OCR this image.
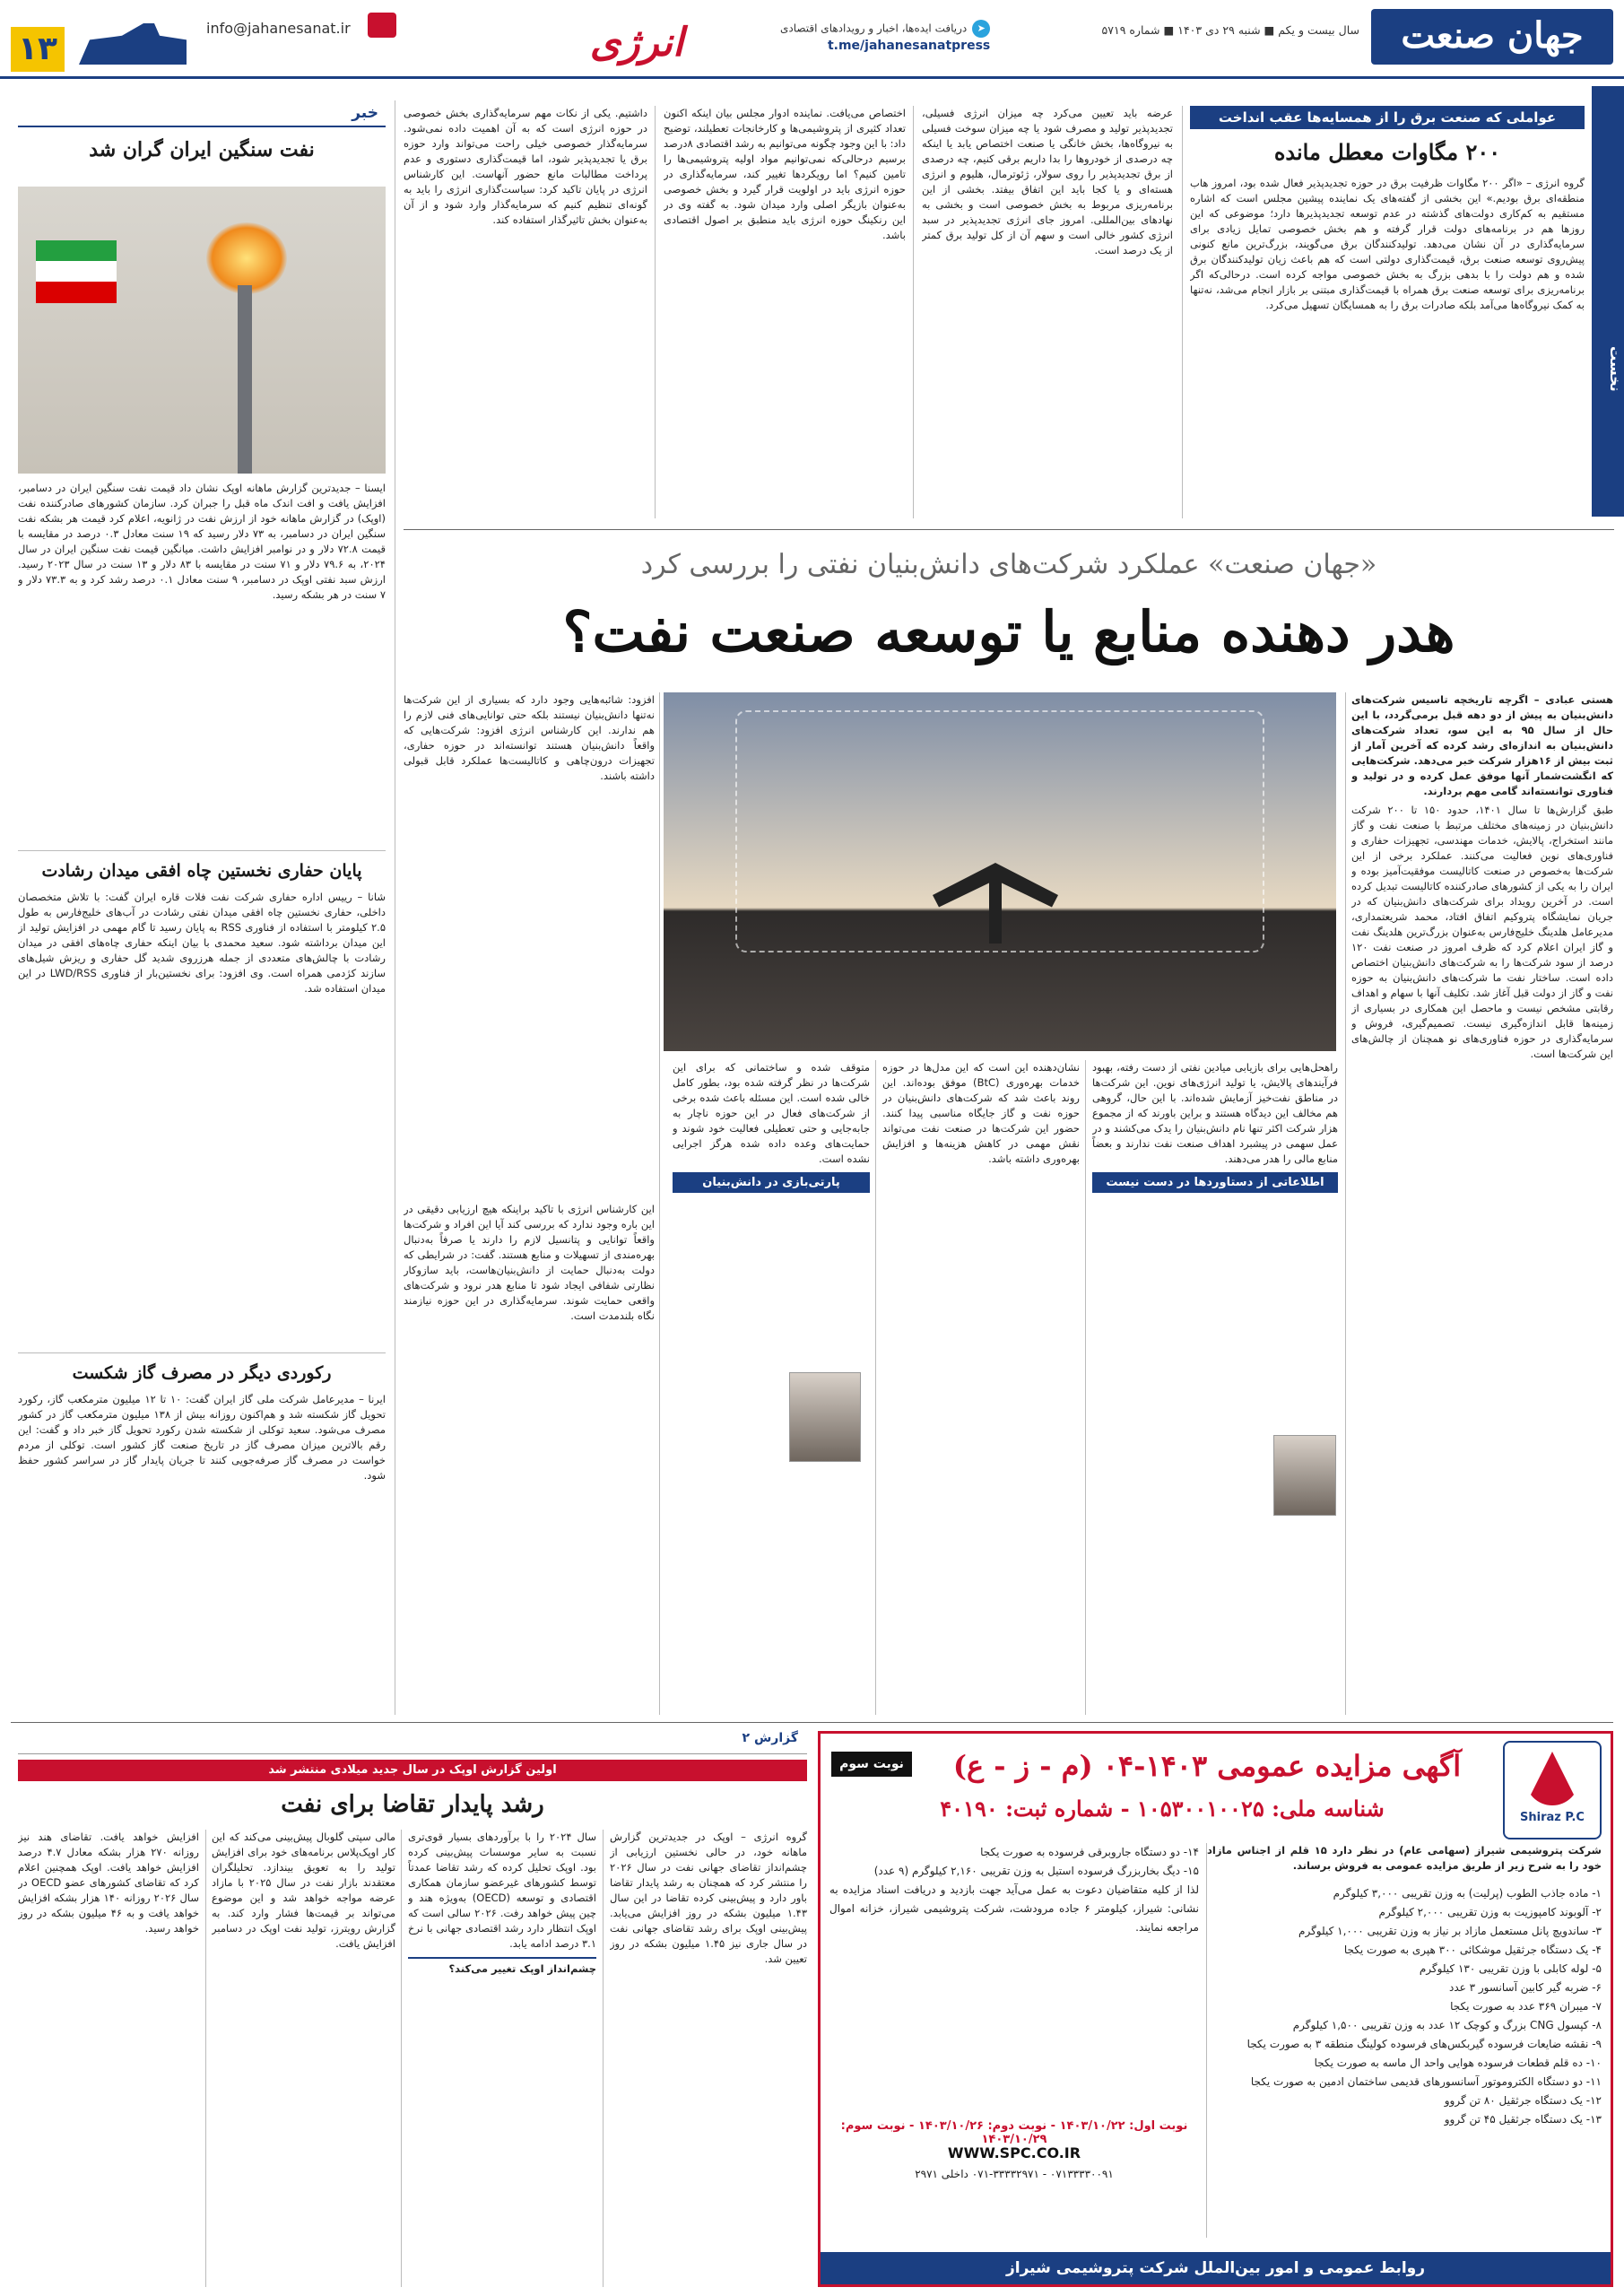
جهان صنعت
سال بیست و یکم ■ شنبه ۲۹ دی ۱۴۰۳ ■ شماره ۵۷۱۹
➤دریافت ایده‌ها، اخبار و رویدادهای اقتصادی
t.me/jahanesanatpress
انرژی
info@jahanesanat.ir
۱۳
نخست
عواملی که صنعت برق را از همسایه‌ها عقب انداخت
۲۰۰ مگاوات معطل مانده
گروه انرژی – «اگر ۲۰۰ مگاوات ظرفیت برق در حوزه تجدیدپذیر فعال شده بود، امروز هاب منطقه‌ای برق بودیم.» این بخشی از گفته‌های یک نماینده پیشین مجلس است که اشاره مستقیم به کم‌کاری دولت‌های گذشته در عدم توسعه تجدیدپذیرها دارد؛ موضوعی که این روزها هم در برنامه‌های دولت قرار گرفته و هم بخش خصوصی تمایل زیادی برای سرمایه‌گذاری در آن نشان می‌دهد. تولیدکنندگان برق می‌گویند، بزرگ‌ترین مانع کنونی پیش‌روی توسعه صنعت برق، قیمت‌گذاری دولتی است که هم باعث زیان تولیدکنندگان برق شده و هم دولت را با بدهی بزرگ به بخش خصوصی مواجه کرده است. درحالی‌که اگر برنامه‌ریزی برای توسعه صنعت برق همراه با قیمت‌گذاری مبتنی بر بازار انجام می‌شد، نه‌تنها به کمک نیروگاه‌ها می‌آمد بلکه صادرات برق را به همسایگان تسهیل می‌کرد.
عرضه باید تعیین می‌کرد چه میزان انرژی فسیلی، تجدیدپذیر تولید و مصرف شود یا چه میزان سوخت فسیلی به نیروگاه‌ها، بخش خانگی یا صنعت اختصاص یابد یا اینکه چه درصدی از خودروها را بدا داریم برقی کنیم، چه درصدی از برق تجدیدپذیر را روی سولار، ژئوترمال، هلیوم و انرژی هسته‌ای و یا کجا باید این اتفاق بیفتد. بخشی از این برنامه‌ریزی مربوط به بخش خصوصی است و بخشی به نهادهای بین‌المللی. امروز جای انرژی تجدیدپذیر در سبد انرژی کشور خالی است و سهم آن از کل تولید برق کمتر از یک درصد است.
اختصاص می‌یافت. نماینده ادوار مجلس بیان اینکه اکنون تعداد کثیری از پتروشیمی‌ها و کارخانجات تعطیلند، توضیح داد: با این وجود چگونه می‌توانیم به رشد اقتصادی ۸درصد برسیم درحالی‌که نمی‌توانیم مواد اولیه پتروشیمی‌ها را تامین کنیم؟ اما رویکردها تغییر کند، سرمایه‌گذاری در حوزه انرژی باید در اولویت قرار گیرد و بخش خصوصی به‌عنوان بازیگر اصلی وارد میدان شود. به گفته وی در این رنکینگ حوزه انرژی باید منطبق بر اصول اقتصادی باشد.
داشتیم. یکی از نکات مهم سرمایه‌گذاری بخش خصوصی در حوزه انرژی است که به آن اهمیت داده نمی‌شود. سرمایه‌گذار خصوصی خیلی راحت می‌تواند وارد حوزه برق یا تجدیدپذیر شود، اما قیمت‌گذاری دستوری و عدم پرداخت مطالبات مانع حضور آنهاست. این کارشناس انرژی در پایان تاکید کرد: سیاست‌گذاری انرژی را باید به گونه‌ای تنظیم کنیم که سرمایه‌گذار وارد شود و از آن به‌عنوان بخش تاثیرگذار استفاده کند.
خبر
نفت سنگین ایران گران شد
ایسنا – جدیدترین گزارش ماهانه اوپک نشان داد قیمت نفت سنگین ایران در دسامبر، افزایش یافت و افت اندک ماه قبل را جبران کرد. سازمان کشورهای صادرکننده نفت (اوپک) در گزارش ماهانه خود از ارزش نفت در ژانویه، اعلام کرد قیمت هر بشکه نفت سنگین ایران در دسامبر، به ۷۳ دلار رسید که ۱۹ سنت معادل ۰.۳ درصد در مقایسه با قیمت ۷۲.۸ دلار و در نوامبر افزایش داشت. میانگین قیمت نفت سنگین ایران در سال ۲۰۲۴، به ۷۹.۶ دلار و ۷۱ سنت در مقایسه با ۸۳ دلار و ۱۳ سنت در سال ۲۰۲۳ رسید. ارزش سبد نفتی اوپک در دسامبر، ۹ سنت معادل ۰.۱ درصد رشد کرد و به ۷۳.۳ دلار و ۷ سنت در هر بشکه رسید.
پایان حفاری نخستین چاه افقی میدان رشادت
شانا – رییس اداره حفاری شرکت نفت فلات قاره ایران گفت: با تلاش متخصصان داخلی، حفاری نخستین چاه افقی میدان نفتی رشادت در آب‌های خلیج‌فارس به طول ۲.۵ کیلومتر با استفاده از فناوری RSS به پایان رسید تا گام مهمی در افزایش تولید از این میدان برداشته شود. سعید محمدی با بیان اینکه حفاری چاه‌های افقی در میدان رشادت با چالش‌های متعددی از جمله هرزروی شدید گل حفاری و ریزش شیل‌های سازند کژدمی همراه است. وی افزود: برای نخستین‌بار از فناوری LWD/RSS در این میدان استفاده شد.
رکوردی دیگر در مصرف گاز شکست
ایرنا – مدیرعامل شرکت ملی گاز ایران گفت: ۱۰ تا ۱۲ میلیون مترمکعب گاز، رکورد تحویل گاز شکسته شد و هم‌اکنون روزانه بیش از ۱۳۸ میلیون مترمکعب گاز در کشور مصرف می‌شود. سعید توکلی از شکسته شدن رکورد تحویل گاز خبر داد و گفت: این رقم بالاترین میزان مصرف گاز در تاریخ صنعت گاز کشور است. توکلی از مردم خواست در مصرف گاز صرفه‌جویی کنند تا جریان پایدار گاز در سراسر کشور حفظ شود.
«جهان صنعت» عملکرد شرکت‌های دانش‌بنیان نفتی را بررسی کرد
هدر دهنده منابع یا توسعه صنعت نفت؟

هستی عبادی – اگرچه تاریخچه تاسیس شرکت‌های دانش‌بنیان به پیش از دو دهه قبل برمی‌گردد، با این حال از سال ۹۵ به این سو، تعداد شرکت‌های دانش‌بنیان به اندازه‌ای رشد کرده که آخرین آمار از ثبت بیش از ۱۶هزار شرکت خبر می‌دهد. شرکت‌هایی که انگشت‌شمار آنها موفق عمل کرده و در تولید و فناوری توانسته‌اند گامی مهم بردارند.

طبق گزارش‌ها تا سال ۱۴۰۱، حدود ۱۵۰ تا ۲۰۰ شرکت دانش‌بنیان در زمینه‌های مختلف مرتبط با صنعت نفت و گاز مانند استخراج، پالایش، خدمات مهندسی، تجهیزات حفاری و فناوری‌های نوین فعالیت می‌کنند. عملکرد برخی از این شرکت‌ها به‌خصوص در صنعت کاتالیست موفقیت‌آمیز بوده و ایران را به یکی از کشورهای صادرکننده کاتالیست تبدیل کرده است. در آخرین رویداد برای شرکت‌های دانش‌بنیان که در جریان نمایشگاه پتروکیم اتفاق افتاد، محمد شریعتمداری، مدیرعامل هلدینگ خلیج‌فارس به‌عنوان بزرگ‌ترین هلدینگ نفت و گاز ایران اعلام کرد که ظرف امروز در صنعت نفت ۱۲۰ درصد از سود شرکت‌ها را به شرکت‌های دانش‌بنیان اختصاص داده است. ساختار نفت ما شرکت‌های دانش‌بنیان به حوزه نفت و گاز از دولت قبل آغاز شد. تکلیف آنها با سهام و اهداف رقابتی مشخص نیست و ماحصل این همکاری در بسیاری از زمینه‌ها قابل اندازه‌گیری نیست. تصمیم‌گیری، فروش و سرمایه‌گذاری در حوزه فناوری‌های نو همچنان از چالش‌های این شرکت‌ها است.

راهحل‌هایی برای بازیابی میادین نفتی از دست رفته، بهبود فرآیندهای پالایش، یا تولید انرژی‌های نوین. این شرکت‌ها در مناطق نفت‌خیز آزمایش شده‌اند. با این حال، گروهی هم مخالف این دیدگاه هستند و براین باورند که از مجموع هزار شرکت اکثر تنها نام دانش‌بنیان را یدک می‌کشند و در عمل سهمی در پیشبرد اهداف صنعت نفت ندارند و بعضاً منابع مالی را هدر می‌دهند.

اطلاعاتی از دستاوردها در دست نیست
نشان‌دهنده این است که این مدل‌ها در حوزه خدمات بهره‌وری (BtC) موفق بوده‌اند. این روند باعث شد که شرکت‌های دانش‌بنیان در حوزه نفت و گاز جایگاه مناسبی پیدا کنند. حضور این شرکت‌ها در صنعت نفت می‌تواند نقش مهمی در کاهش هزینه‌ها و افزایش بهره‌وری داشته باشد.

متوقف شده و ساختمانی که برای این شرکت‌ها در نظر گرفته شده بود، بطور کامل خالی شده است. این مسئله باعث شده برخی از شرکت‌های فعال در این حوزه ناچار به جابه‌جایی و حتی تعطیلی فعالیت خود شوند و حمایت‌های وعده داده شده هرگز اجرایی نشده است.

پارتی‌بازی در دانش‌بنیان
افزود: شائبه‌هایی وجود دارد که بسیاری از این شرکت‌ها نه‌تنها دانش‌بنیان نیستند بلکه حتی توانایی‌های فنی لازم را هم ندارند. این کارشناس انرژی افزود: شرکت‌هایی که واقعاً دانش‌بنیان هستند توانسته‌اند در حوزه حفاری، تجهیزات درون‌چاهی و کاتالیست‌ها عملکرد قابل قبولی داشته باشند.
این کارشناس انرژی با تاکید براینکه هیچ ارزیابی دقیقی در این باره وجود ندارد که بررسی کند آیا این افراد و شرکت‌ها واقعاً توانایی و پتانسیل لازم را دارند یا صرفاً به‌دنبال بهره‌مندی از تسهیلات و منابع هستند. گفت: در شرایطی که دولت به‌دنبال حمایت از دانش‌بنیان‌هاست، باید سازوکار نظارتی شفافی ایجاد شود تا منابع هدر نرود و شرکت‌های واقعی حمایت شوند. سرمایه‌گذاری در این حوزه نیازمند نگاه بلندمدت است.
گزارش ۲
اولین گزارش اوپک در سال جدید میلادی منتشر شد
رشد پایدار تقاضا برای نفت
گروه انرژی – اوپک در جدیدترین گزارش ماهانه خود، در حالی نخستین ارزیابی از چشم‌انداز تقاضای جهانی نفت در سال ۲۰۲۶ را منتشر کرد که همچنان به رشد پایدار تقاضا باور دارد و پیش‌بینی کرده تقاضا در این سال ۱.۴۳ میلیون بشکه در روز افزایش می‌یابد. پیش‌بینی اوپک برای رشد تقاضای جهانی نفت در سال جاری نیز ۱.۴۵ میلیون بشکه در روز تعیین شد.

سال ۲۰۲۴ را با برآوردهای بسیار قوی‌تری نسبت به سایر موسسات پیش‌بینی کرده بود. اوپک تحلیل کرده که رشد تقاضا عمدتاً توسط کشورهای غیرعضو سازمان همکاری اقتصادی و توسعه (OECD) به‌ویژه هند و چین پیش خواهد رفت. ۲۰۲۶ سالی است که اوپک انتظار دارد رشد اقتصادی جهانی با نرخ ۳.۱ درصد ادامه یابد.

چشم‌انداز اوپک تغییر می‌کند؟
مالی سپتی گلوبال پیش‌بینی می‌کند که این کار اوپک‌پلاس برنامه‌های خود برای افزایش تولید را به تعویق بیندازد. تحلیلگران معتقدند بازار نفت در سال ۲۰۲۵ با مازاد عرضه مواجه خواهد شد و این موضوع می‌تواند بر قیمت‌ها فشار وارد کند. به گزارش رویترز، تولید نفت اوپک در دسامبر افزایش یافت.
افزایش خواهد یافت. تقاضای هند نیز روزانه ۲۷۰ هزار بشکه معادل ۴.۷ درصد افزایش خواهد یافت. اوپک همچنین اعلام کرد که تقاضای کشورهای عضو OECD در سال ۲۰۲۶ روزانه ۱۴۰ هزار بشکه افزایش خواهد یافت و به ۴۶ میلیون بشکه در روز خواهد رسید.
Shiraz P.C
آگهی مزایده عمومی ۱۴۰۳-۰۴ (م - ز - ع)
نوبت سوم
شناسه ملی: ۱۰۵۳۰۰۱۰۰۲۵ - شماره ثبت: ۴۰۱۹۰
شرکت پتروشیمی شیراز (سهامی عام) در نظر دارد ۱۵ قلم از اجناس مازاد خود را به شرح زیر از طریق مزایده عمومی به فروش برساند.
۱- ماده جاذب الطوب (پرلیت) به وزن تقریبی ۳,۰۰۰ کیلوگرم
۲- آلوبوند کامپوزیت به وزن تقریبی ۲,۰۰۰ کیلوگرم
۳- ساندویچ پانل مستعمل مازاد بر نیاز به وزن تقریبی ۱,۰۰۰ کیلوگرم
۴- یک دستگاه جرثقیل موشکائی ۳۰۰ هپری به صورت یکجا
۵- لوله کابلی با وزن تقریبی ۱۳۰ کیلوگرم
۶- ضربه گیر کابین آسانسور ۳ عدد
۷- میبران ۳۶۹ عدد به صورت یکجا
۸- کپسول CNG بزرگ و کوچک ۱۲ عدد به وزن تقریبی ۱,۵۰۰ کیلوگرم
۹- نقشه ضایعات فرسوده گیربکس‌های فرسوده کولینگ منطقه ۳ به صورت یکجا
۱۰- ده قلم قطعات فرسوده هوایی واحد ال ماسه به صورت یکجا
۱۱- دو دستگاه الکتروموتور آسانسورهای قدیمی ساختمان ادمین به صورت یکجا
۱۲- یک دستگاه جرثقیل ۸۰ تن گروو
۱۳- یک دستگاه جرثقیل ۴۵ تن گروو
۱۴- دو دستگاه جاروبرقی فرسوده به صورت یکجا
۱۵- دیگ بخاربزرگ فرسوده استیل به وزن تقریبی ۲,۱۶۰ کیلوگرم (۹ عدد)
لذا از کلیه متقاضیان دعوت به عمل می‌آید جهت بازدید و دریافت اسناد مزایده به نشانی: شیراز، کیلومتر ۶ جاده مرودشت، شرکت پتروشیمی شیراز، خزانه اموال مراجعه نمایند.
نوبت اول: ۱۴۰۳/۱۰/۲۲ - نوبت دوم: ۱۴۰۳/۱۰/۲۶ - نوبت سوم: ۱۴۰۳/۱۰/۲۹
WWW.SPC.CO.IR
۰۷۱۳۳۳۳۰۰۹۱ - ۰۷۱-۳۳۳۳۲۹۷۱ داخلی ۲۹۷۱
روابط عمومی و امور بین‌الملل شرکت پتروشیمی شیراز
